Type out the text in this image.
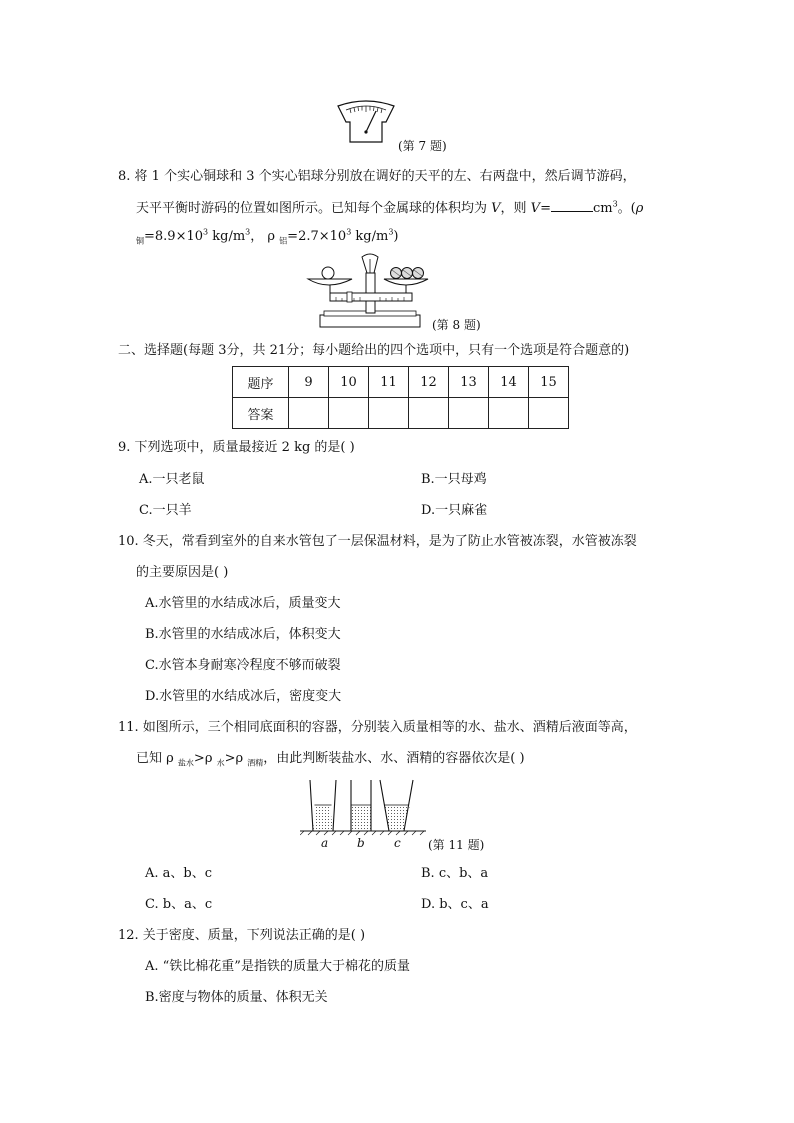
(第 7 题)
8. 将 1 个实心铜球和 3 个实心铝球分别放在调好的天平的左、右两盘中，然后调节游码，
天平平衡时游码的位置如图所示。已知每个金属球的体积均为 V，则 V=	$cm^3$。(ρ
$_铜=8.9\times 10^3$ $kg/m^3$， ρ $_铝=2.7\times 10^3$ $kg/m^3$)
(第 8 题)
二、选择题(每题 3分，共 21分；每小题给出的四个选项中，只有一个选项是符合题意的)
题序	9	10	11	12	13	14	15
答案							
9. 下列选项中，质量最接近 2 kg 的是( )
A.一只老鼠	B.一只母鸡
C.一只羊	D.一只麻雀
10. 冬天，常看到室外的自来水管包了一层保温材料，是为了防止水管被冻裂，水管被冻裂
的主要原因是( )
A.水管里的水结成冰后，质量变大
B.水管里的水结成冰后，体积变大
C.水管本身耐寒冷程度不够而破裂
D.水管里的水结成冰后，密度变大
11. 如图所示，三个相同底面积的容器，分别装入质量相等的水、盐水、酒精后液面等高，
已知 ρ $_{盐水}$>ρ $_水$>ρ $_{酒精}$，由此判断装盐水、水、酒精的容器依次是( )
a b c (第 11 题)
A. a、b、c	B. c、b、a
C. b、a、c	D. b、c、a
12. 关于密度、质量，下列说法正确的是( )
A. “铁比棉花重”是指铁的质量大于棉花的质量
B.密度与物体的质量、体积无关
